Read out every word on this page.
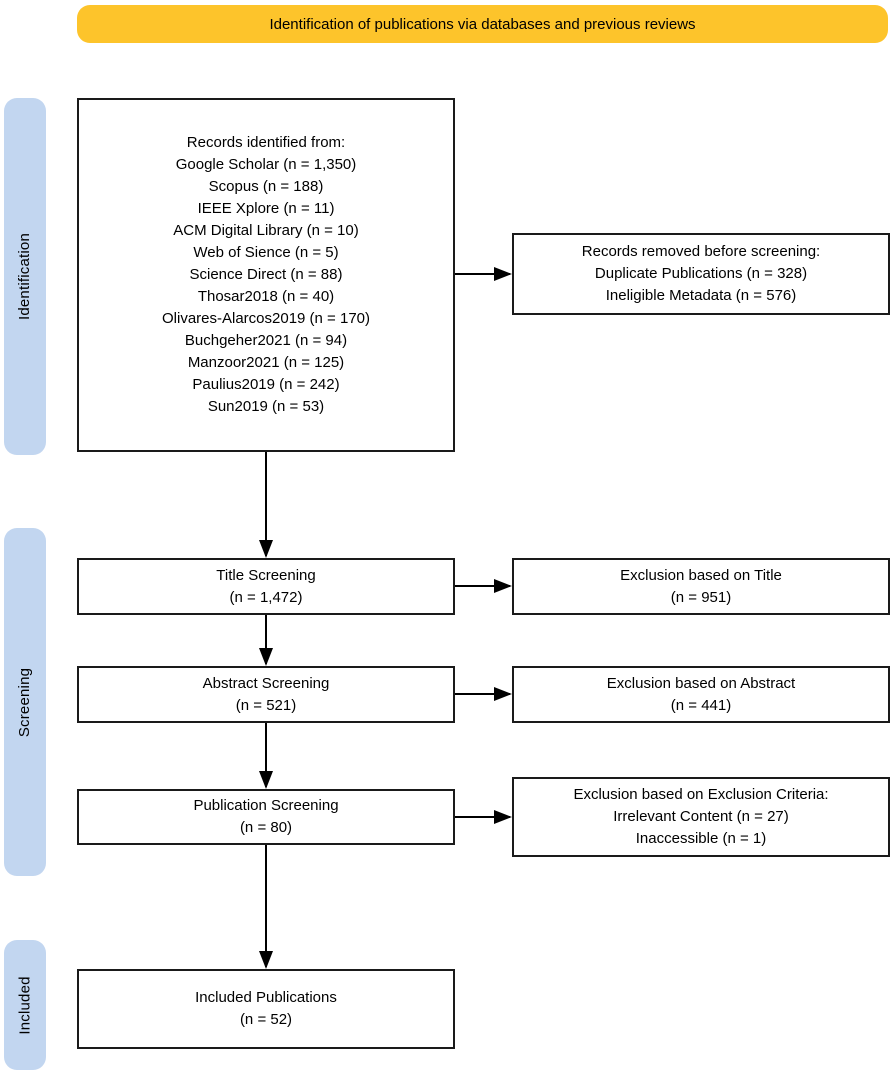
Identification of publications via databases and previous reviews
Identification
Screening
Included
Records identified from:
Google Scholar (n = 1,350)
Scopus (n = 188)
IEEE Xplore (n = 11)
ACM Digital Library (n = 10)
Web of Sience (n = 5)
Science Direct (n = 88)
Thosar2018 (n = 40)
Olivares-Alarcos2019 (n = 170)
Buchgeher2021 (n = 94)
Manzoor2021 (n = 125)
Paulius2019 (n = 242)
Sun2019 (n = 53)
Records removed before screening:
Duplicate Publications (n = 328)
Ineligible Metadata (n = 576)
Title Screening
(n = 1,472)
Exclusion based on Title
(n = 951)
Abstract Screening
(n = 521)
Exclusion based on Abstract
(n = 441)
Publication Screening
(n = 80)
Exclusion based on Exclusion Criteria:
Irrelevant Content (n = 27)
Inaccessible (n = 1)
Included Publications
(n = 52)
